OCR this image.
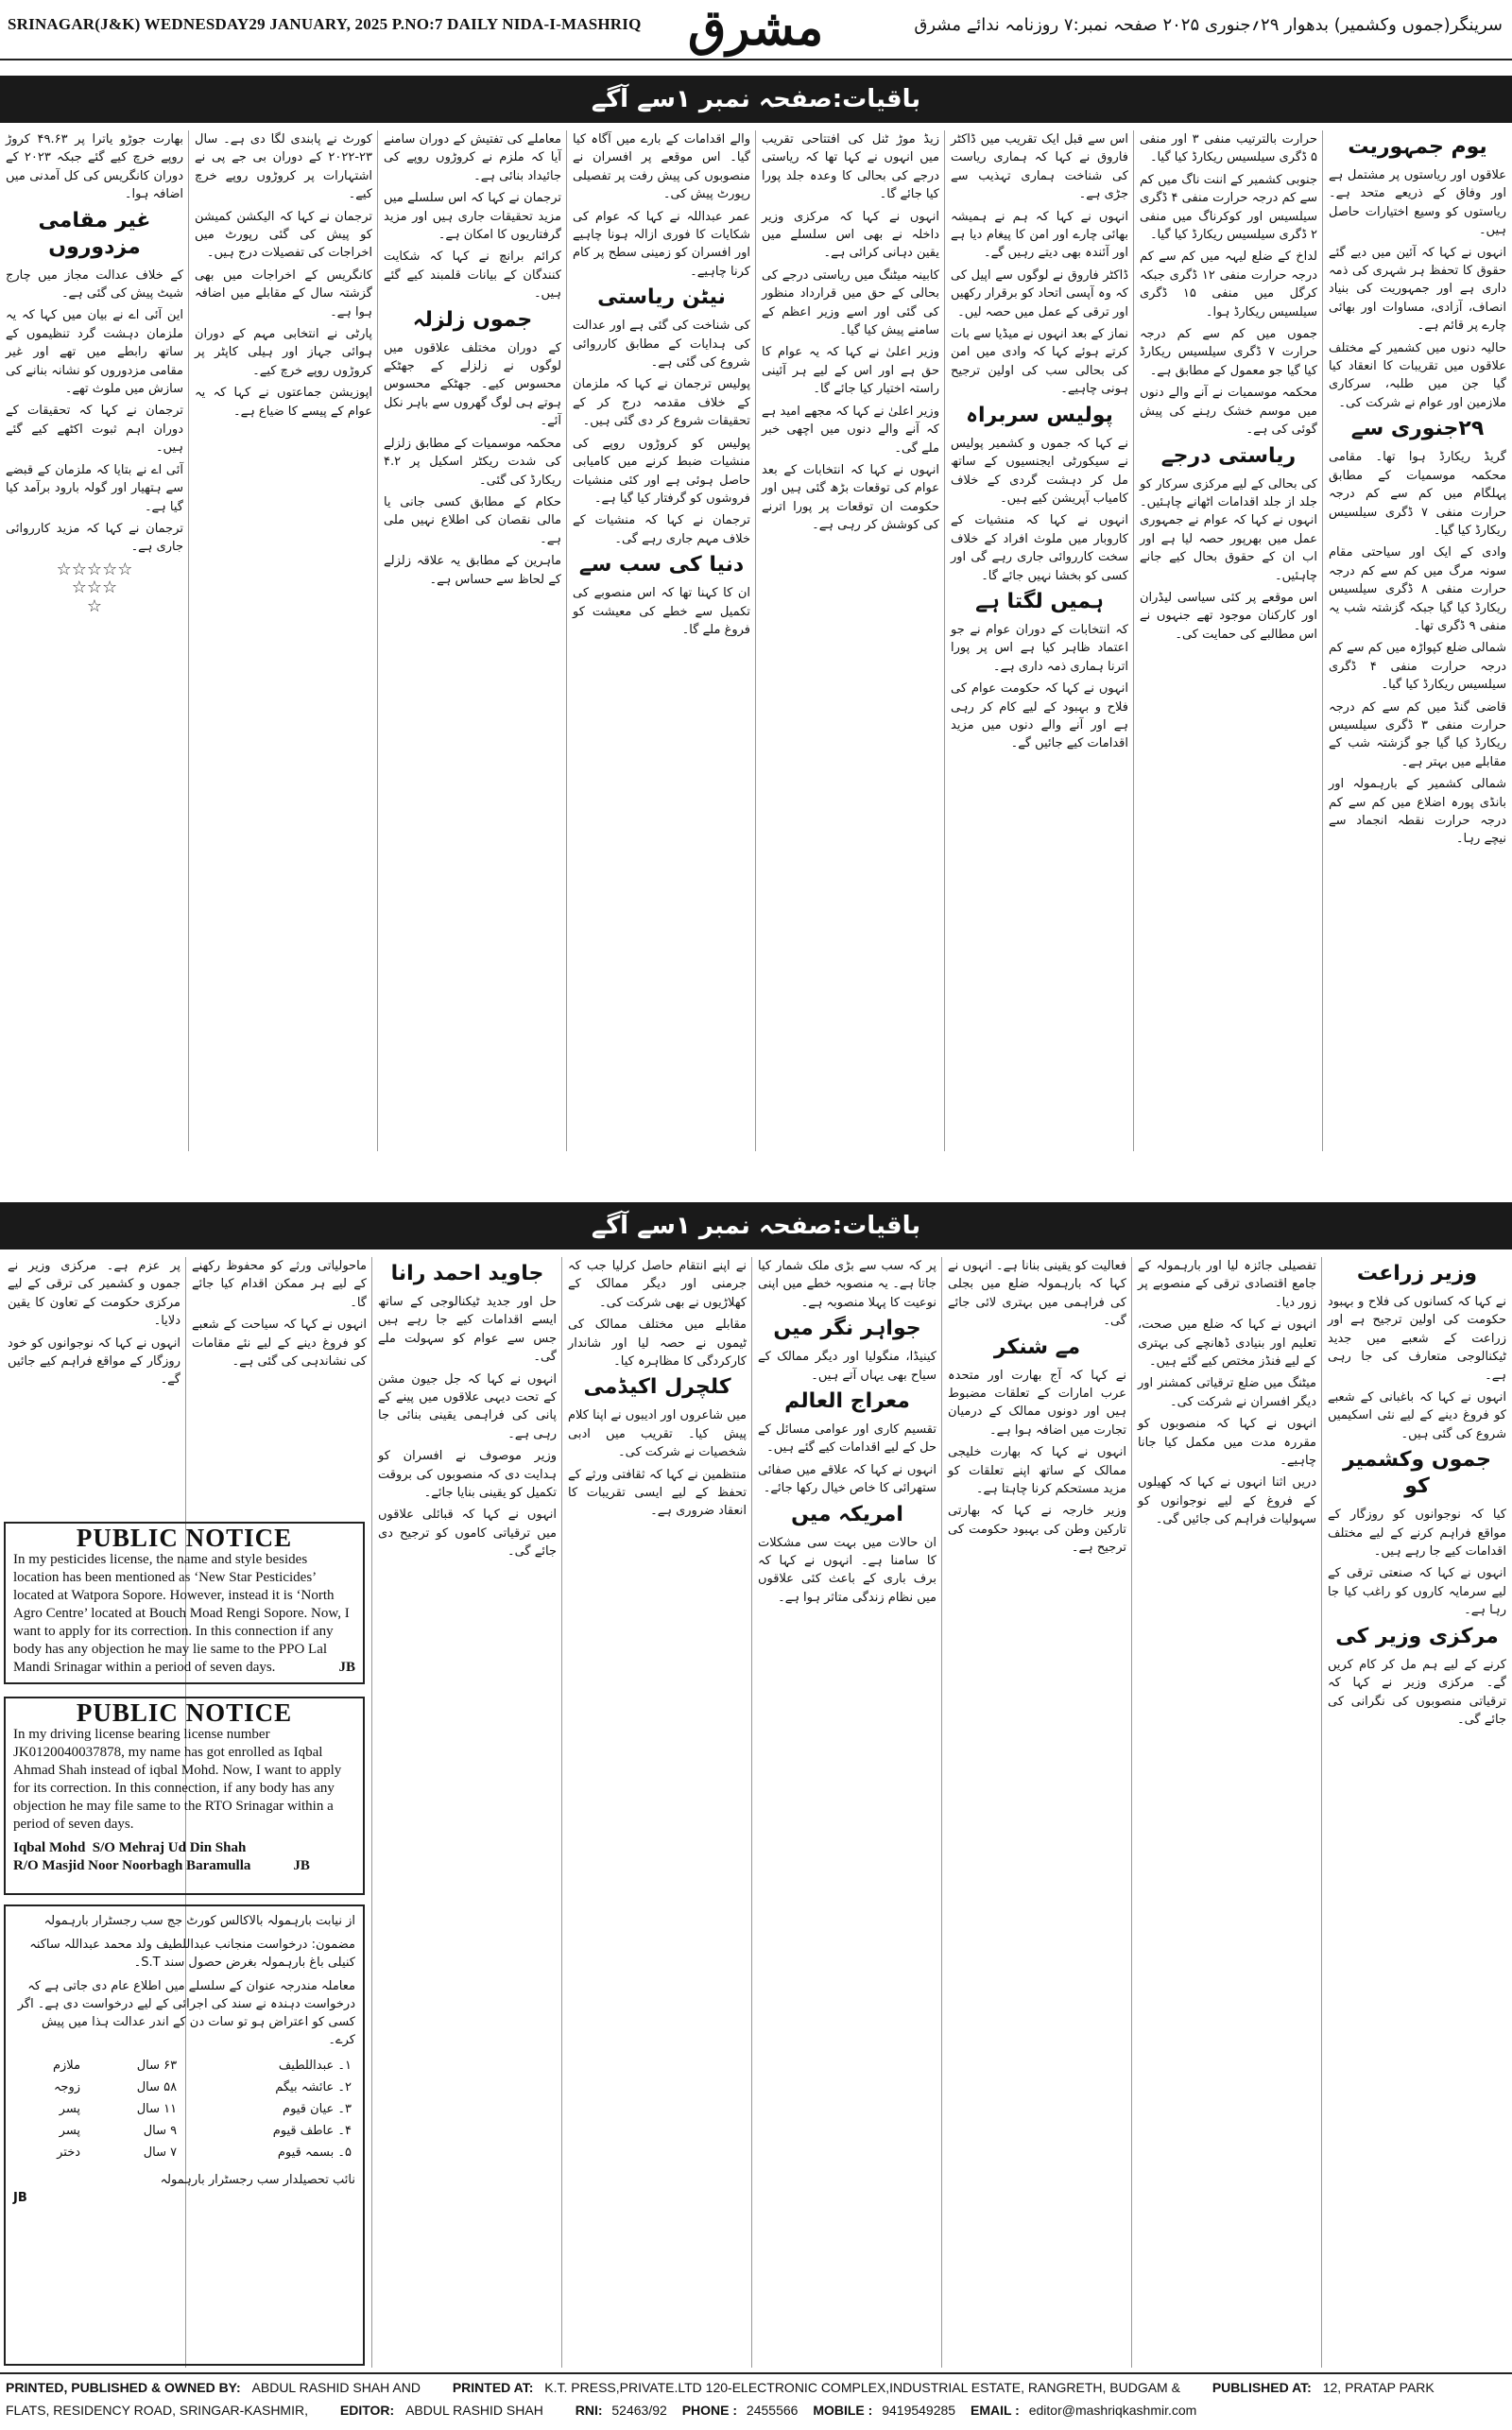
SRINAGAR(J&K) WEDNESDAY29 JANUARY, 2025 P.NO:7 DAILY NIDA-I-MASHRIQ مشرق	سرینگر(جموں وکشمیر) بدھوار ۲۹؍جنوری ۲۰۲۵ صفحہ نمبر:۷ روزنامہ ندائے مشرق
باقیات:صفحہ نمبر ۱سے آگے
یوم جمہوریت

علاقوں اور ریاستوں پر مشتمل ہے اور وفاق کے ذریعے متحد ہے۔ ریاستوں کو وسیع اختیارات حاصل ہیں۔

انہوں نے کہا کہ آئین میں دیے گئے حقوق کا تحفظ ہر شہری کی ذمہ داری ہے اور جمہوریت کی بنیاد انصاف، آزادی، مساوات اور بھائی چارے پر قائم ہے۔

حالیہ دنوں میں کشمیر کے مختلف علاقوں میں تقریبات کا انعقاد کیا گیا جن میں طلبہ، سرکاری ملازمین اور عوام نے شرکت کی۔

۲۹جنوری سے

گریڈ ریکارڈ ہوا تھا۔ مقامی محکمہ موسمیات کے مطابق پہلگام میں کم سے کم درجہ حرارت منفی ۷ ڈگری سیلسیس ریکارڈ کیا گیا۔

وادی کے ایک اور سیاحتی مقام سونہ مرگ میں کم سے کم درجہ حرارت منفی ۸ ڈگری سیلسیس ریکارڈ کیا گیا جبکہ گزشتہ شب یہ منفی ۹ ڈگری تھا۔

شمالی ضلع کپواڑہ میں کم سے کم درجہ حرارت منفی ۴ ڈگری سیلسیس ریکارڈ کیا گیا۔

قاضی گنڈ میں کم سے کم درجہ حرارت منفی ۳ ڈگری سیلسیس ریکارڈ کیا گیا جو گزشتہ شب کے مقابلے میں بہتر ہے۔

شمالی کشمیر کے بارہمولہ اور بانڈی پورہ اضلاع میں کم سے کم درجہ حرارت نقطہ انجماد سے نیچے رہا۔

حرارت بالترتیب منفی ۳ اور منفی ۵ ڈگری سیلسیس ریکارڈ کیا گیا۔

جنوبی کشمیر کے اننت ناگ میں کم سے کم درجہ حرارت منفی ۴ ڈگری سیلسیس اور کوکرناگ میں منفی ۲ ڈگری سیلسیس ریکارڈ کیا گیا۔

لداخ کے ضلع لیہہ میں کم سے کم درجہ حرارت منفی ۱۲ ڈگری جبکہ کرگل میں منفی ۱۵ ڈگری سیلسیس ریکارڈ ہوا۔

جموں میں کم سے کم درجہ حرارت ۷ ڈگری سیلسیس ریکارڈ کیا گیا جو معمول کے مطابق ہے۔

محکمہ موسمیات نے آنے والے دنوں میں موسم خشک رہنے کی پیش گوئی کی ہے۔

ریاستی درجے

کی بحالی کے لیے مرکزی سرکار کو جلد از جلد اقدامات اٹھانے چاہئیں۔ انہوں نے کہا کہ عوام نے جمہوری عمل میں بھرپور حصہ لیا ہے اور اب ان کے حقوق بحال کیے جانے چاہئیں۔

اس موقعے پر کئی سیاسی لیڈران اور کارکنان موجود تھے جنہوں نے اس مطالبے کی حمایت کی۔

اس سے قبل ایک تقریب میں ڈاکٹر فاروق نے کہا کہ ہماری ریاست کی شناخت ہماری تہذیب سے جڑی ہے۔

انہوں نے کہا کہ ہم نے ہمیشہ بھائی چارے اور امن کا پیغام دیا ہے اور آئندہ بھی دیتے رہیں گے۔

ڈاکٹر فاروق نے لوگوں سے اپیل کی کہ وہ آپسی اتحاد کو برقرار رکھیں اور ترقی کے عمل میں حصہ لیں۔

نماز کے بعد انہوں نے میڈیا سے بات کرتے ہوئے کہا کہ وادی میں امن کی بحالی سب کی اولین ترجیح ہونی چاہیے۔

پولیس سربراہ

نے کہا کہ جموں و کشمیر پولیس نے سیکورٹی ایجنسیوں کے ساتھ مل کر دہشت گردی کے خلاف کامیاب آپریشن کیے ہیں۔

انہوں نے کہا کہ منشیات کے کاروبار میں ملوث افراد کے خلاف سخت کارروائی جاری رہے گی اور کسی کو بخشا نہیں جائے گا۔

ہمیں لگتا ہے

کہ انتخابات کے دوران عوام نے جو اعتماد ظاہر کیا ہے اس پر پورا اترنا ہماری ذمہ داری ہے۔

انہوں نے کہا کہ حکومت عوام کی فلاح و بہبود کے لیے کام کر رہی ہے اور آنے والے دنوں میں مزید اقدامات کیے جائیں گے۔

زیڈ موڑ ٹنل کی افتتاحی تقریب میں انہوں نے کہا تھا کہ ریاستی درجے کی بحالی کا وعدہ جلد پورا کیا جائے گا۔

انہوں نے کہا کہ مرکزی وزیر داخلہ نے بھی اس سلسلے میں یقین دہانی کرائی ہے۔

کابینہ میٹنگ میں ریاستی درجے کی بحالی کے حق میں قرارداد منظور کی گئی اور اسے وزیر اعظم کے سامنے پیش کیا گیا۔

وزیر اعلیٰ نے کہا کہ یہ عوام کا حق ہے اور اس کے لیے ہر آئینی راستہ اختیار کیا جائے گا۔

وزیر اعلیٰ نے کہا کہ مجھے امید ہے کہ آنے والے دنوں میں اچھی خبر ملے گی۔

انہوں نے کہا کہ انتخابات کے بعد عوام کی توقعات بڑھ گئی ہیں اور حکومت ان توقعات پر پورا اترنے کی کوشش کر رہی ہے۔

والے اقدامات کے بارے میں آگاہ کیا گیا۔ اس موقعے پر افسران نے منصوبوں کی پیش رفت پر تفصیلی رپورٹ پیش کی۔

عمر عبداللہ نے کہا کہ عوام کی شکایات کا فوری ازالہ ہونا چاہیے اور افسران کو زمینی سطح پر کام کرنا چاہیے۔

نیٹن ریاستی

کی شناخت کی گئی ہے اور عدالت کی ہدایات کے مطابق کارروائی شروع کی گئی ہے۔

پولیس ترجمان نے کہا کہ ملزمان کے خلاف مقدمہ درج کر کے تحقیقات شروع کر دی گئی ہیں۔

پولیس کو کروڑوں روپے کی منشیات ضبط کرنے میں کامیابی حاصل ہوئی ہے اور کئی منشیات فروشوں کو گرفتار کیا گیا ہے۔

ترجمان نے کہا کہ منشیات کے خلاف مہم جاری رہے گی۔

دنیا کی سب سے

ان کا کہنا تھا کہ اس منصوبے کی تکمیل سے خطے کی معیشت کو فروغ ملے گا۔

معاملے کی تفتیش کے دوران سامنے آیا کہ ملزم نے کروڑوں روپے کی جائیداد بنائی ہے۔

ترجمان نے کہا کہ اس سلسلے میں مزید تحقیقات جاری ہیں اور مزید گرفتاریوں کا امکان ہے۔

کرائم برانچ نے کہا کہ شکایت کنندگان کے بیانات قلمبند کیے گئے ہیں۔

جموں زلزلہ

کے دوران مختلف علاقوں میں لوگوں نے زلزلے کے جھٹکے محسوس کیے۔ جھٹکے محسوس ہوتے ہی لوگ گھروں سے باہر نکل آئے۔

محکمہ موسمیات کے مطابق زلزلے کی شدت ریکٹر اسکیل پر ۴.۲ ریکارڈ کی گئی۔

حکام کے مطابق کسی جانی یا مالی نقصان کی اطلاع نہیں ملی ہے۔

ماہرین کے مطابق یہ علاقہ زلزلے کے لحاظ سے حساس ہے۔

کورٹ نے پابندی لگا دی ہے۔ سال ۲۳-۲۰۲۲ کے دوران بی جے پی نے اشتہارات پر کروڑوں روپے خرچ کیے۔

ترجمان نے کہا کہ الیکشن کمیشن کو پیش کی گئی رپورٹ میں اخراجات کی تفصیلات درج ہیں۔

کانگریس کے اخراجات میں بھی گزشتہ سال کے مقابلے میں اضافہ ہوا ہے۔

پارٹی نے انتخابی مہم کے دوران ہوائی جہاز اور ہیلی کاپٹر پر کروڑوں روپے خرچ کیے۔

اپوزیشن جماعتوں نے کہا کہ یہ عوام کے پیسے کا ضیاع ہے۔

بھارت جوڑو یاترا پر ۴۹.۶۳ کروڑ روپے خرچ کیے گئے جبکہ ۲۰۲۳ کے دوران کانگریس کی کل آمدنی میں اضافہ ہوا۔

غیر مقامی مزدوروں

کے خلاف عدالت مجاز میں چارج شیٹ پیش کی گئی ہے۔

این آئی اے نے بیان میں کہا کہ یہ ملزمان دہشت گرد تنظیموں کے ساتھ رابطے میں تھے اور غیر مقامی مزدوروں کو نشانہ بنانے کی سازش میں ملوث تھے۔

ترجمان نے کہا کہ تحقیقات کے دوران اہم ثبوت اکٹھے کیے گئے ہیں۔

آئی اے نے بتایا کہ ملزمان کے قبضے سے ہتھیار اور گولہ بارود برآمد کیا گیا ہے۔

ترجمان نے کہا کہ مزید کارروائی جاری ہے۔

☆☆☆☆☆
☆☆☆
☆
باقیات:صفحہ نمبر ۱سے آگے
وزیر زراعت

نے کہا کہ کسانوں کی فلاح و بہبود حکومت کی اولین ترجیح ہے اور زراعت کے شعبے میں جدید ٹیکنالوجی متعارف کی جا رہی ہے۔

انہوں نے کہا کہ باغبانی کے شعبے کو فروغ دینے کے لیے نئی اسکیمیں شروع کی گئی ہیں۔

جموں وکشمیر کو

کیا کہ نوجوانوں کو روزگار کے مواقع فراہم کرنے کے لیے مختلف اقدامات کیے جا رہے ہیں۔

انہوں نے کہا کہ صنعتی ترقی کے لیے سرمایہ کاروں کو راغب کیا جا رہا ہے۔

مرکزی وزیر کی

کرنے کے لیے ہم مل کر کام کریں گے۔ مرکزی وزیر نے کہا کہ ترقیاتی منصوبوں کی نگرانی کی جائے گی۔

تفصیلی جائزہ لیا اور بارہمولہ کے جامع اقتصادی ترقی کے منصوبے پر زور دیا۔

انہوں نے کہا کہ ضلع میں صحت، تعلیم اور بنیادی ڈھانچے کی بہتری کے لیے فنڈز مختص کیے گئے ہیں۔

میٹنگ میں ضلع ترقیاتی کمشنر اور دیگر افسران نے شرکت کی۔

انہوں نے کہا کہ منصوبوں کو مقررہ مدت میں مکمل کیا جانا چاہیے۔

دریں اثنا انہوں نے کہا کہ کھیلوں کے فروغ کے لیے نوجوانوں کو سہولیات فراہم کی جائیں گی۔

فعالیت کو یقینی بنانا ہے۔ انہوں نے کہا کہ بارہمولہ ضلع میں بجلی کی فراہمی میں بہتری لائی جائے گی۔

مے شنکر

نے کہا کہ آج بھارت اور متحدہ عرب امارات کے تعلقات مضبوط ہیں اور دونوں ممالک کے درمیان تجارت میں اضافہ ہوا ہے۔

انہوں نے کہا کہ بھارت خلیجی ممالک کے ساتھ اپنے تعلقات کو مزید مستحکم کرنا چاہتا ہے۔

وزیر خارجہ نے کہا کہ بھارتی تارکین وطن کی بہبود حکومت کی ترجیح ہے۔

پر کہ سب سے بڑی ملک شمار کیا جاتا ہے۔ یہ منصوبہ خطے میں اپنی نوعیت کا پہلا منصوبہ ہے۔

جواہر نگر میں

کینیڈا، منگولیا اور دیگر ممالک کے سیاح بھی یہاں آتے ہیں۔

معراج العالم

تقسیم کاری اور عوامی مسائل کے حل کے لیے اقدامات کیے گئے ہیں۔

انہوں نے کہا کہ علاقے میں صفائی ستھرائی کا خاص خیال رکھا جائے۔

امریکہ میں

ان حالات میں بہت سی مشکلات کا سامنا ہے۔ انہوں نے کہا کہ برف باری کے باعث کئی علاقوں میں نظام زندگی متاثر ہوا ہے۔

نے اپنے انتقام حاصل کرلیا جب کہ جرمنی اور دیگر ممالک کے کھلاڑیوں نے بھی شرکت کی۔

مقابلے میں مختلف ممالک کی ٹیموں نے حصہ لیا اور شاندار کارکردگی کا مظاہرہ کیا۔

کلچرل اکیڈمی

میں شاعروں اور ادیبوں نے اپنا کلام پیش کیا۔ تقریب میں ادبی شخصیات نے شرکت کی۔

منتظمین نے کہا کہ ثقافتی ورثے کے تحفظ کے لیے ایسی تقریبات کا انعقاد ضروری ہے۔

جاوید احمد رانا

حل اور جدید ٹیکنالوجی کے ساتھ ایسے اقدامات کیے جا رہے ہیں جس سے عوام کو سہولت ملے گی۔

انہوں نے کہا کہ جل جیون مشن کے تحت دیہی علاقوں میں پینے کے پانی کی فراہمی یقینی بنائی جا رہی ہے۔

وزیر موصوف نے افسران کو ہدایت دی کہ منصوبوں کی بروقت تکمیل کو یقینی بنایا جائے۔

انہوں نے کہا کہ قبائلی علاقوں میں ترقیاتی کاموں کو ترجیح دی جائے گی۔

ماحولیاتی ورثے کو محفوظ رکھنے کے لیے ہر ممکن اقدام کیا جائے گا۔

انہوں نے کہا کہ سیاحت کے شعبے کو فروغ دینے کے لیے نئے مقامات کی نشاندہی کی گئی ہے۔

پر عزم ہے۔ مرکزی وزیر نے جموں و کشمیر کی ترقی کے لیے مرکزی حکومت کے تعاون کا یقین دلایا۔

انہوں نے کہا کہ نوجوانوں کو خود روزگار کے مواقع فراہم کیے جائیں گے۔

PUBLIC NOTICE
In my pesticides license, the name and style besides location has been mentioned as ‘New Star Pesticides’ located at Watpora Sopore. However, instead it is ‘North Agro Centre’ located at Bouch Moad Rengi Sopore. Now, I want to apply for its correction. In this connection if any body has any objection he may lie same to the PPO Lal Mandi Srinagar within a period of seven days.	JB
PUBLIC NOTICE
In my driving license bearing license number JK0120040037878, my name has got enrolled as Iqbal Ahmad Shah instead of iqbal Mohd. Now, I want to apply for its correction. In this connection, if any body has any objection he may file same to the RTO Srinagar within a period of seven days.
Iqbal Mohd  S/O Mehraj Ud Din Shah
R/O Masjid Noor Noorbagh Baramulla            JB

از نیابت بارہمولہ بالاکالس کورٹ جج سب رجسٹرار بارہمولہ

مضمون: درخواست منجانب عبداللطیف ولد محمد عبداللہ ساکنہ کنیلی باغ بارہمولہ بغرض حصول سند S.T۔

معاملہ مندرجہ عنوان کے سلسلے میں اطلاع عام دی جاتی ہے کہ درخواست دہندہ نے سند کی اجرائی کے لیے درخواست دی ہے۔ اگر کسی کو اعتراض ہو تو سات دن کے اندر عدالت ہذا میں پیش کرے۔

۱۔ عبداللطیف	۶۳ سال	ملازم
۲۔ عائشہ بیگم	۵۸ سال	زوجہ
۳۔ عیان قیوم	۱۱ سال	پسر
۴۔ عاطف قیوم	۹ سال	پسر
۵۔ بسمہ قیوم	۷ سال	دختر
نائب تحصیلدار سب رجسٹرار بارہمولہ
JB
PRINTED, PUBLISHED & OWNED BY: ABDUL RASHID SHAH AND PRINTED AT: K.T. PRESS,PRIVATE.LTD 120-ELECTRONIC COMPLEX,INDUSTRIAL ESTATE, RANGRETH, BUDGAM & PUBLISHED AT: 12, PRATAP PARK
FLATS, RESIDENCY ROAD, SRINGAR-KASHMIR, EDITOR: ABDUL RASHID SHAH RNI: 52463/92 PHONE : 2455566 MOBILE : 9419549285 EMAIL : editor@mashriqkashmir.com
